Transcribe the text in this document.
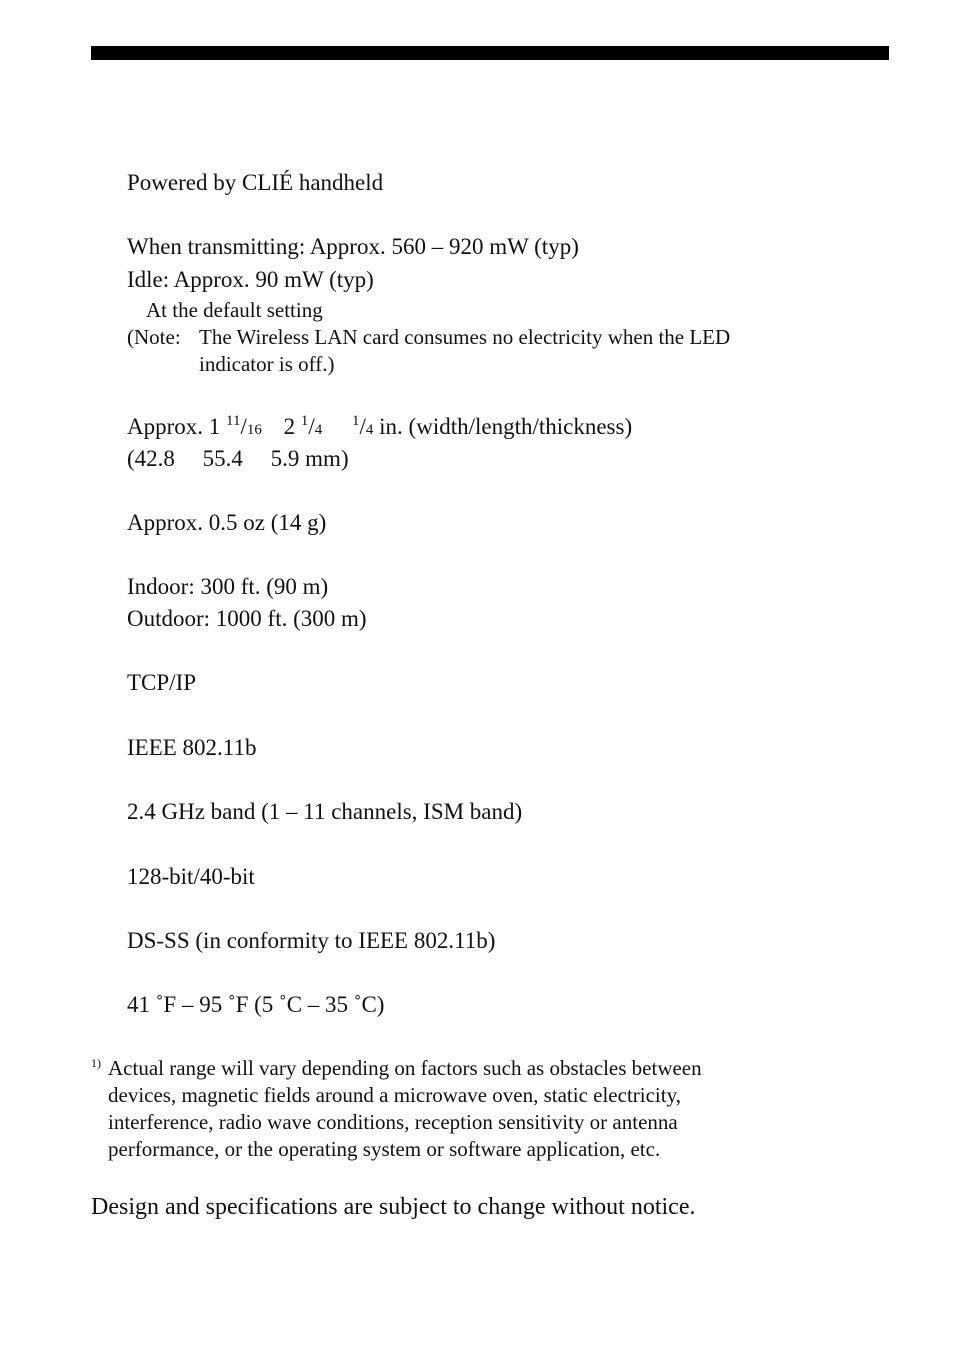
Powered by CLIÉ handheld
When transmitting: Approx. 560 – 920 mW (typ)
Idle: Approx. 90 mW (typ)
At the default setting
(Note: The Wireless LAN card consumes no electricity when the LED
indicator is off.)
Approx. 1 $^{11}$/16 2 $^1$/4 $^1$/4 in. (width/length/thickness)
(42.8 55.4 5.9 mm)
Approx. 0.5 oz (14 g)
Indoor: 300 ft. (90 m)
Outdoor: 1000 ft. (300 m)
TCP/IP
IEEE 802.11b
2.4 GHz band (1 – 11 channels, ISM band)
128-bit/40-bit
DS-SS (in conformity to IEEE 802.11b)
41 ˚F – 95 ˚F (5 ˚C – 35 ˚C)
1) Actual range will vary depending on factors such as obstacles between
devices, magnetic fields around a microwave oven, static electricity,
interference, radio wave conditions, reception sensitivity or antenna
performance, or the operating system or software application, etc.
Design and specifications are subject to change without notice.
